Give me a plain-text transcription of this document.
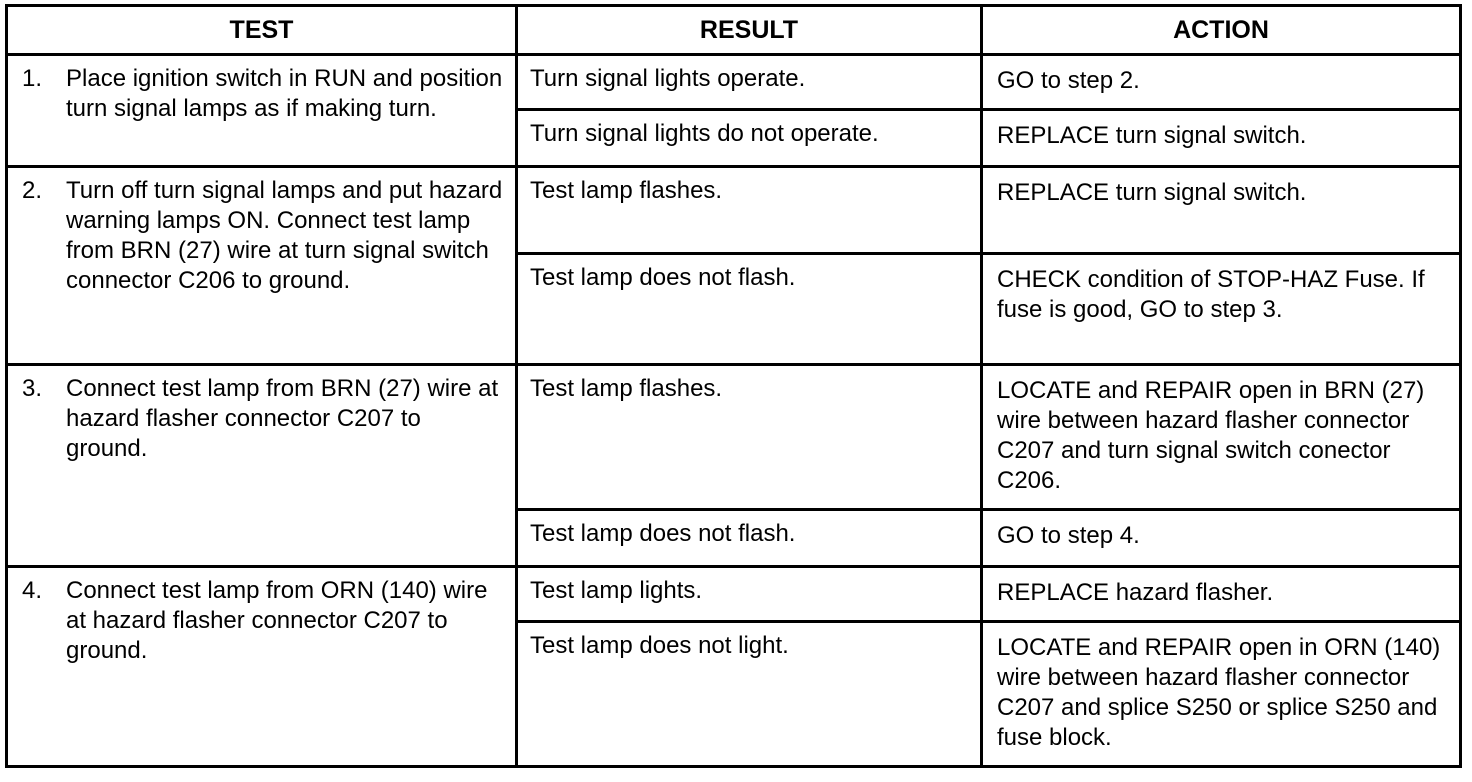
TEST	RESULT	ACTION

1. Place ignition switch in RUN and position turn signal lamps as if making turn.	Turn signal lights operate.	GO to step 2.

	Turn signal lights do not operate.	REPLACE turn signal switch.

2. Turn off turn signal lamps and put hazard warning lamps ON. Connect test lamp from BRN (27) wire at turn signal switch connector C206 to ground.	Test lamp flashes.	REPLACE turn signal switch.

	Test lamp does not flash.	CHECK condition of STOP-HAZ Fuse. If fuse is good, GO to step 3.

3. Connect test lamp from BRN (27) wire at hazard flasher connector C207 to ground.	Test lamp flashes.	LOCATE and REPAIR open in BRN (27) wire between hazard flasher connector C207 and turn signal switch conector C206.

	Test lamp does not flash.	GO to step 4.

4. Connect test lamp from ORN (140) wire at hazard flasher connector C207 to ground.	Test lamp lights.	REPLACE hazard flasher.

	Test lamp does not light.	LOCATE and REPAIR open in ORN (140) wire between hazard flasher connector C207 and splice S250 or splice S250 and fuse block.
